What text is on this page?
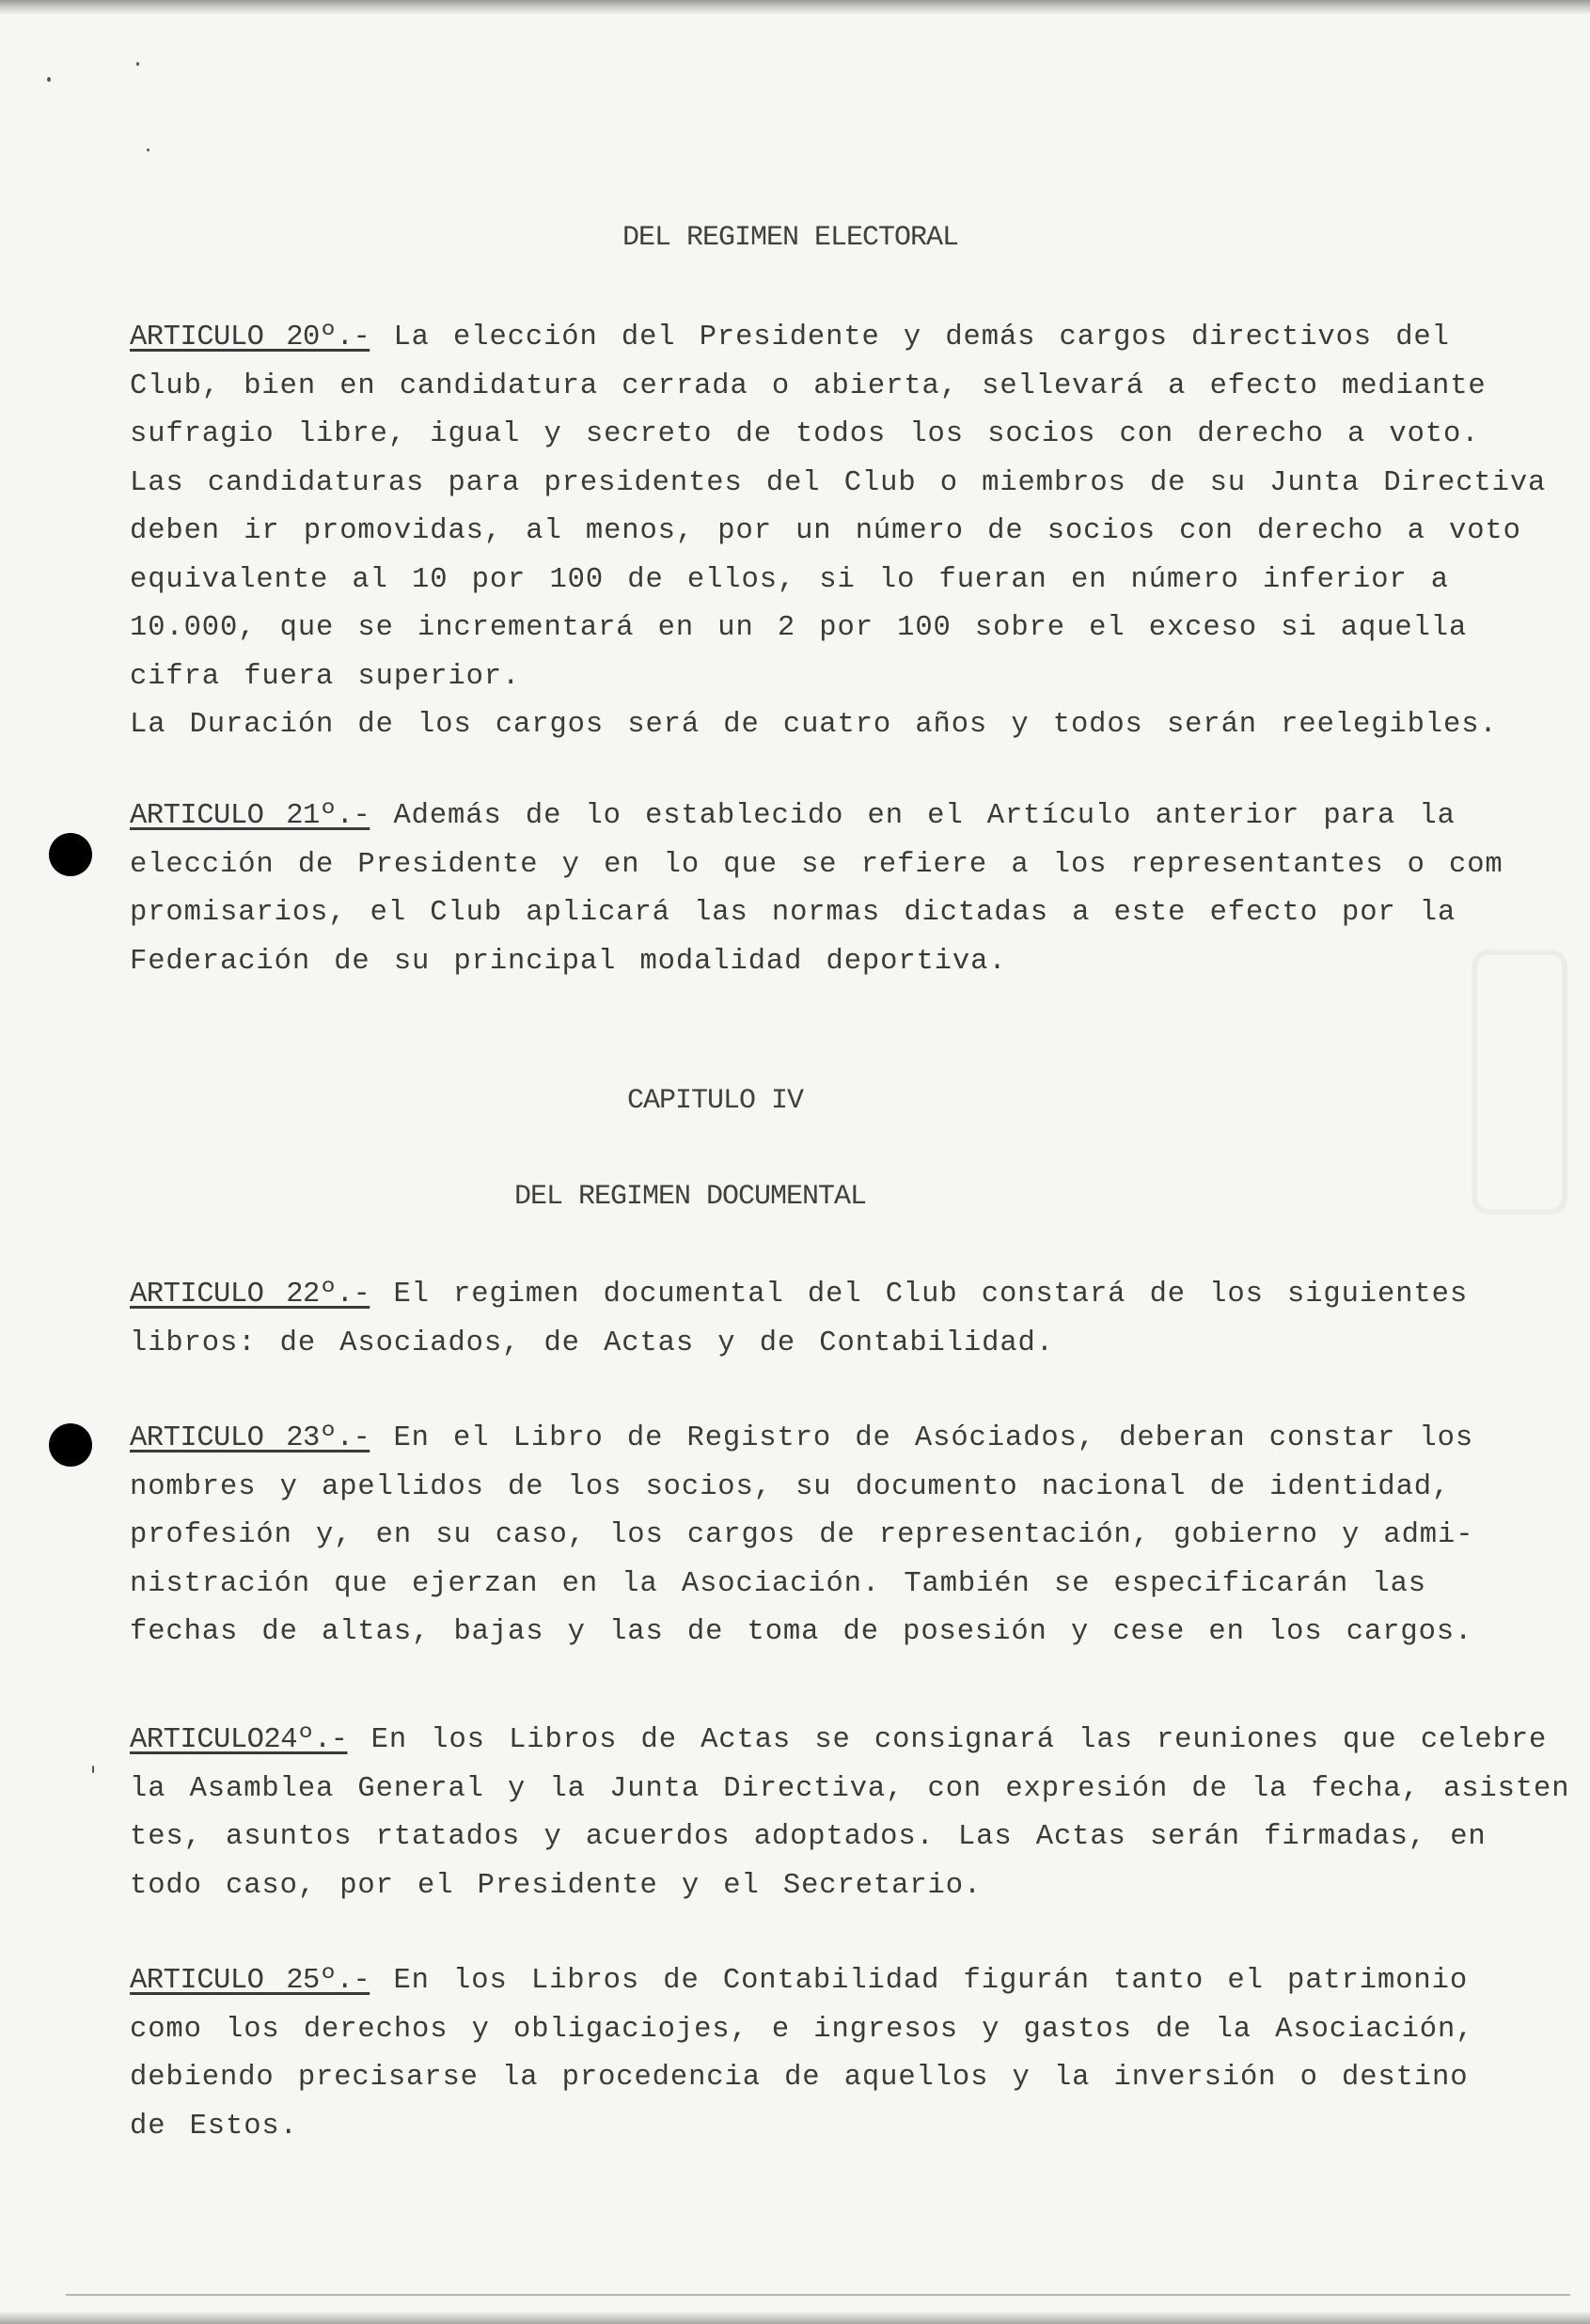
DEL REGIMEN ELECTORAL
ARTICULO 20º.- La elección del Presidente y demás cargos directivos del
Club, bien en candidatura cerrada o abierta, sellevará a efecto mediante
sufragio libre, igual y secreto de todos los socios con derecho a voto.
Las candidaturas para presidentes del Club o miembros de su Junta Directiva
deben ir promovidas, al menos, por un número de socios con derecho a voto
equivalente al 10 por 100 de ellos, si lo fueran en número inferior a
10.000, que se incrementará en un 2 por 100 sobre el exceso si aquella
cifra fuera superior.
La Duración de los cargos será de cuatro años y todos serán reelegibles.
ARTICULO 21º.- Además de lo establecido en el Artículo anterior para la
elección de Presidente y en lo que se refiere a los representantes o com
promisarios, el Club aplicará las normas dictadas a este efecto por la
Federación de su principal modalidad deportiva.
CAPITULO IV
DEL REGIMEN DOCUMENTAL
ARTICULO 22º.- El regimen documental del Club constará de los siguientes
libros: de Asociados, de Actas y de Contabilidad.
ARTICULO 23º.- En el Libro de Registro de Asóciados, deberan constar los
nombres y apellidos de los socios, su documento nacional de identidad,
profesión y, en su caso, los cargos de representación, gobierno y admi-
nistración que ejerzan en la Asociación. También se especificarán las
fechas de altas, bajas y las de toma de posesión y cese en los cargos.
ARTICULO24º.- En los Libros de Actas se consignará las reuniones que celebre
la Asamblea General y la Junta Directiva, con expresión de la fecha, asisten
tes, asuntos rtatados y acuerdos adoptados. Las Actas serán firmadas, en
todo caso, por el Presidente y el Secretario.
ARTICULO 25º.- En los Libros de Contabilidad figurán tanto el patrimonio
como los derechos y obligaciojes, e ingresos y gastos de la Asociación,
debiendo precisarse la procedencia de aquellos y la inversión o destino
de Estos.
